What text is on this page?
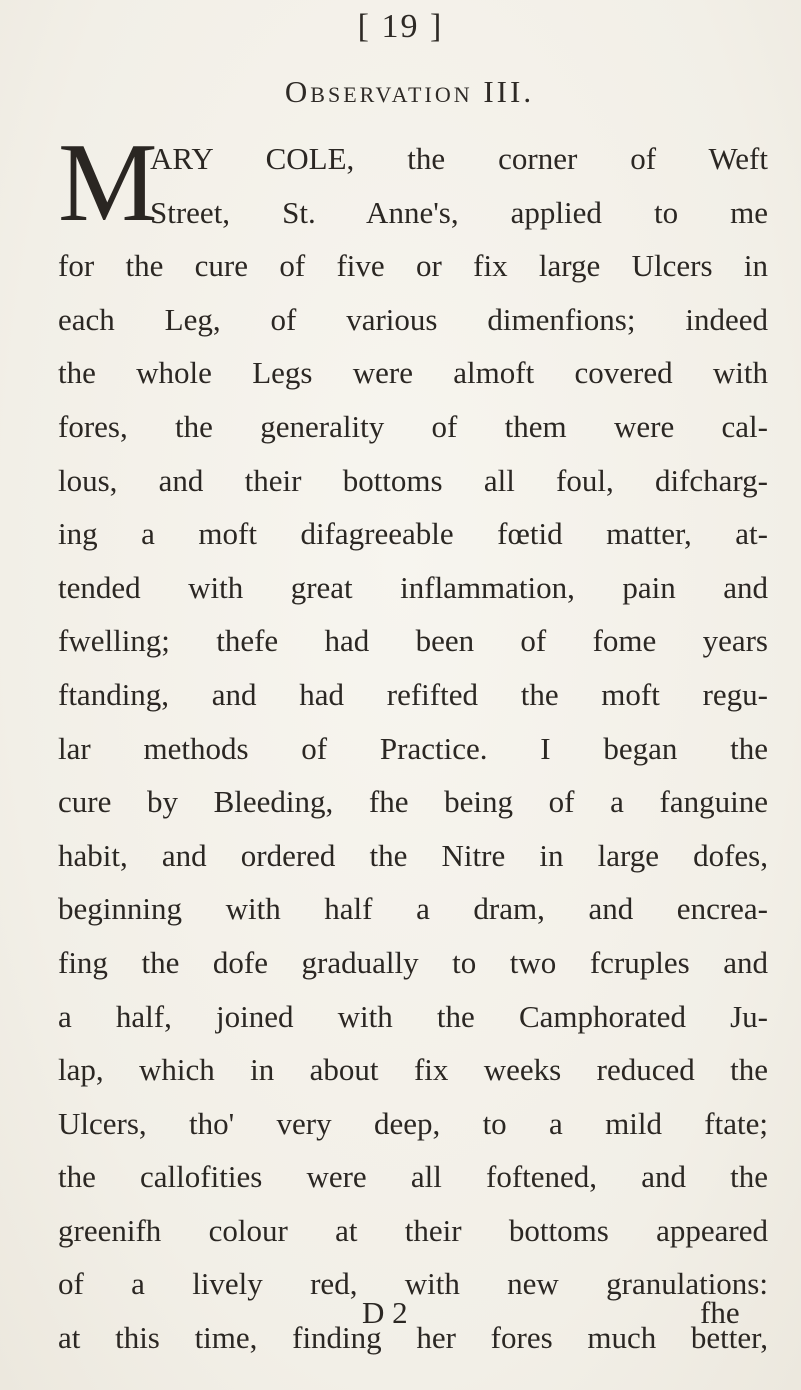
[ 19 ]
Observation III.
M
ARY COLE, the corner of Weft
Street, St. Anne's, applied to me
for the cure of five or fix large Ulcers in
each Leg, of various dimenfions; indeed
the whole Legs were almoft covered with
fores, the generality of them were cal-
lous, and their bottoms all foul, difcharg-
ing a moft difagreeable fœtid matter, at-
tended with great inflammation, pain and
fwelling; thefe had been of fome years
ftanding, and had refifted the moft regu-
lar methods of Practice. I began the
cure by Bleeding, fhe being of a fanguine
habit, and ordered the Nitre in large dofes,
beginning with half a dram, and encrea-
fing the dofe gradually to two fcruples and
a half, joined with the Camphorated Ju-
lap, which in about fix weeks reduced the
Ulcers, tho' very deep, to a mild ftate;
the callofities were all foftened, and the
greenifh colour at their bottoms appeared
of a lively red, with new granulations:
at this time, finding her fores much better,
D 2	fhe
